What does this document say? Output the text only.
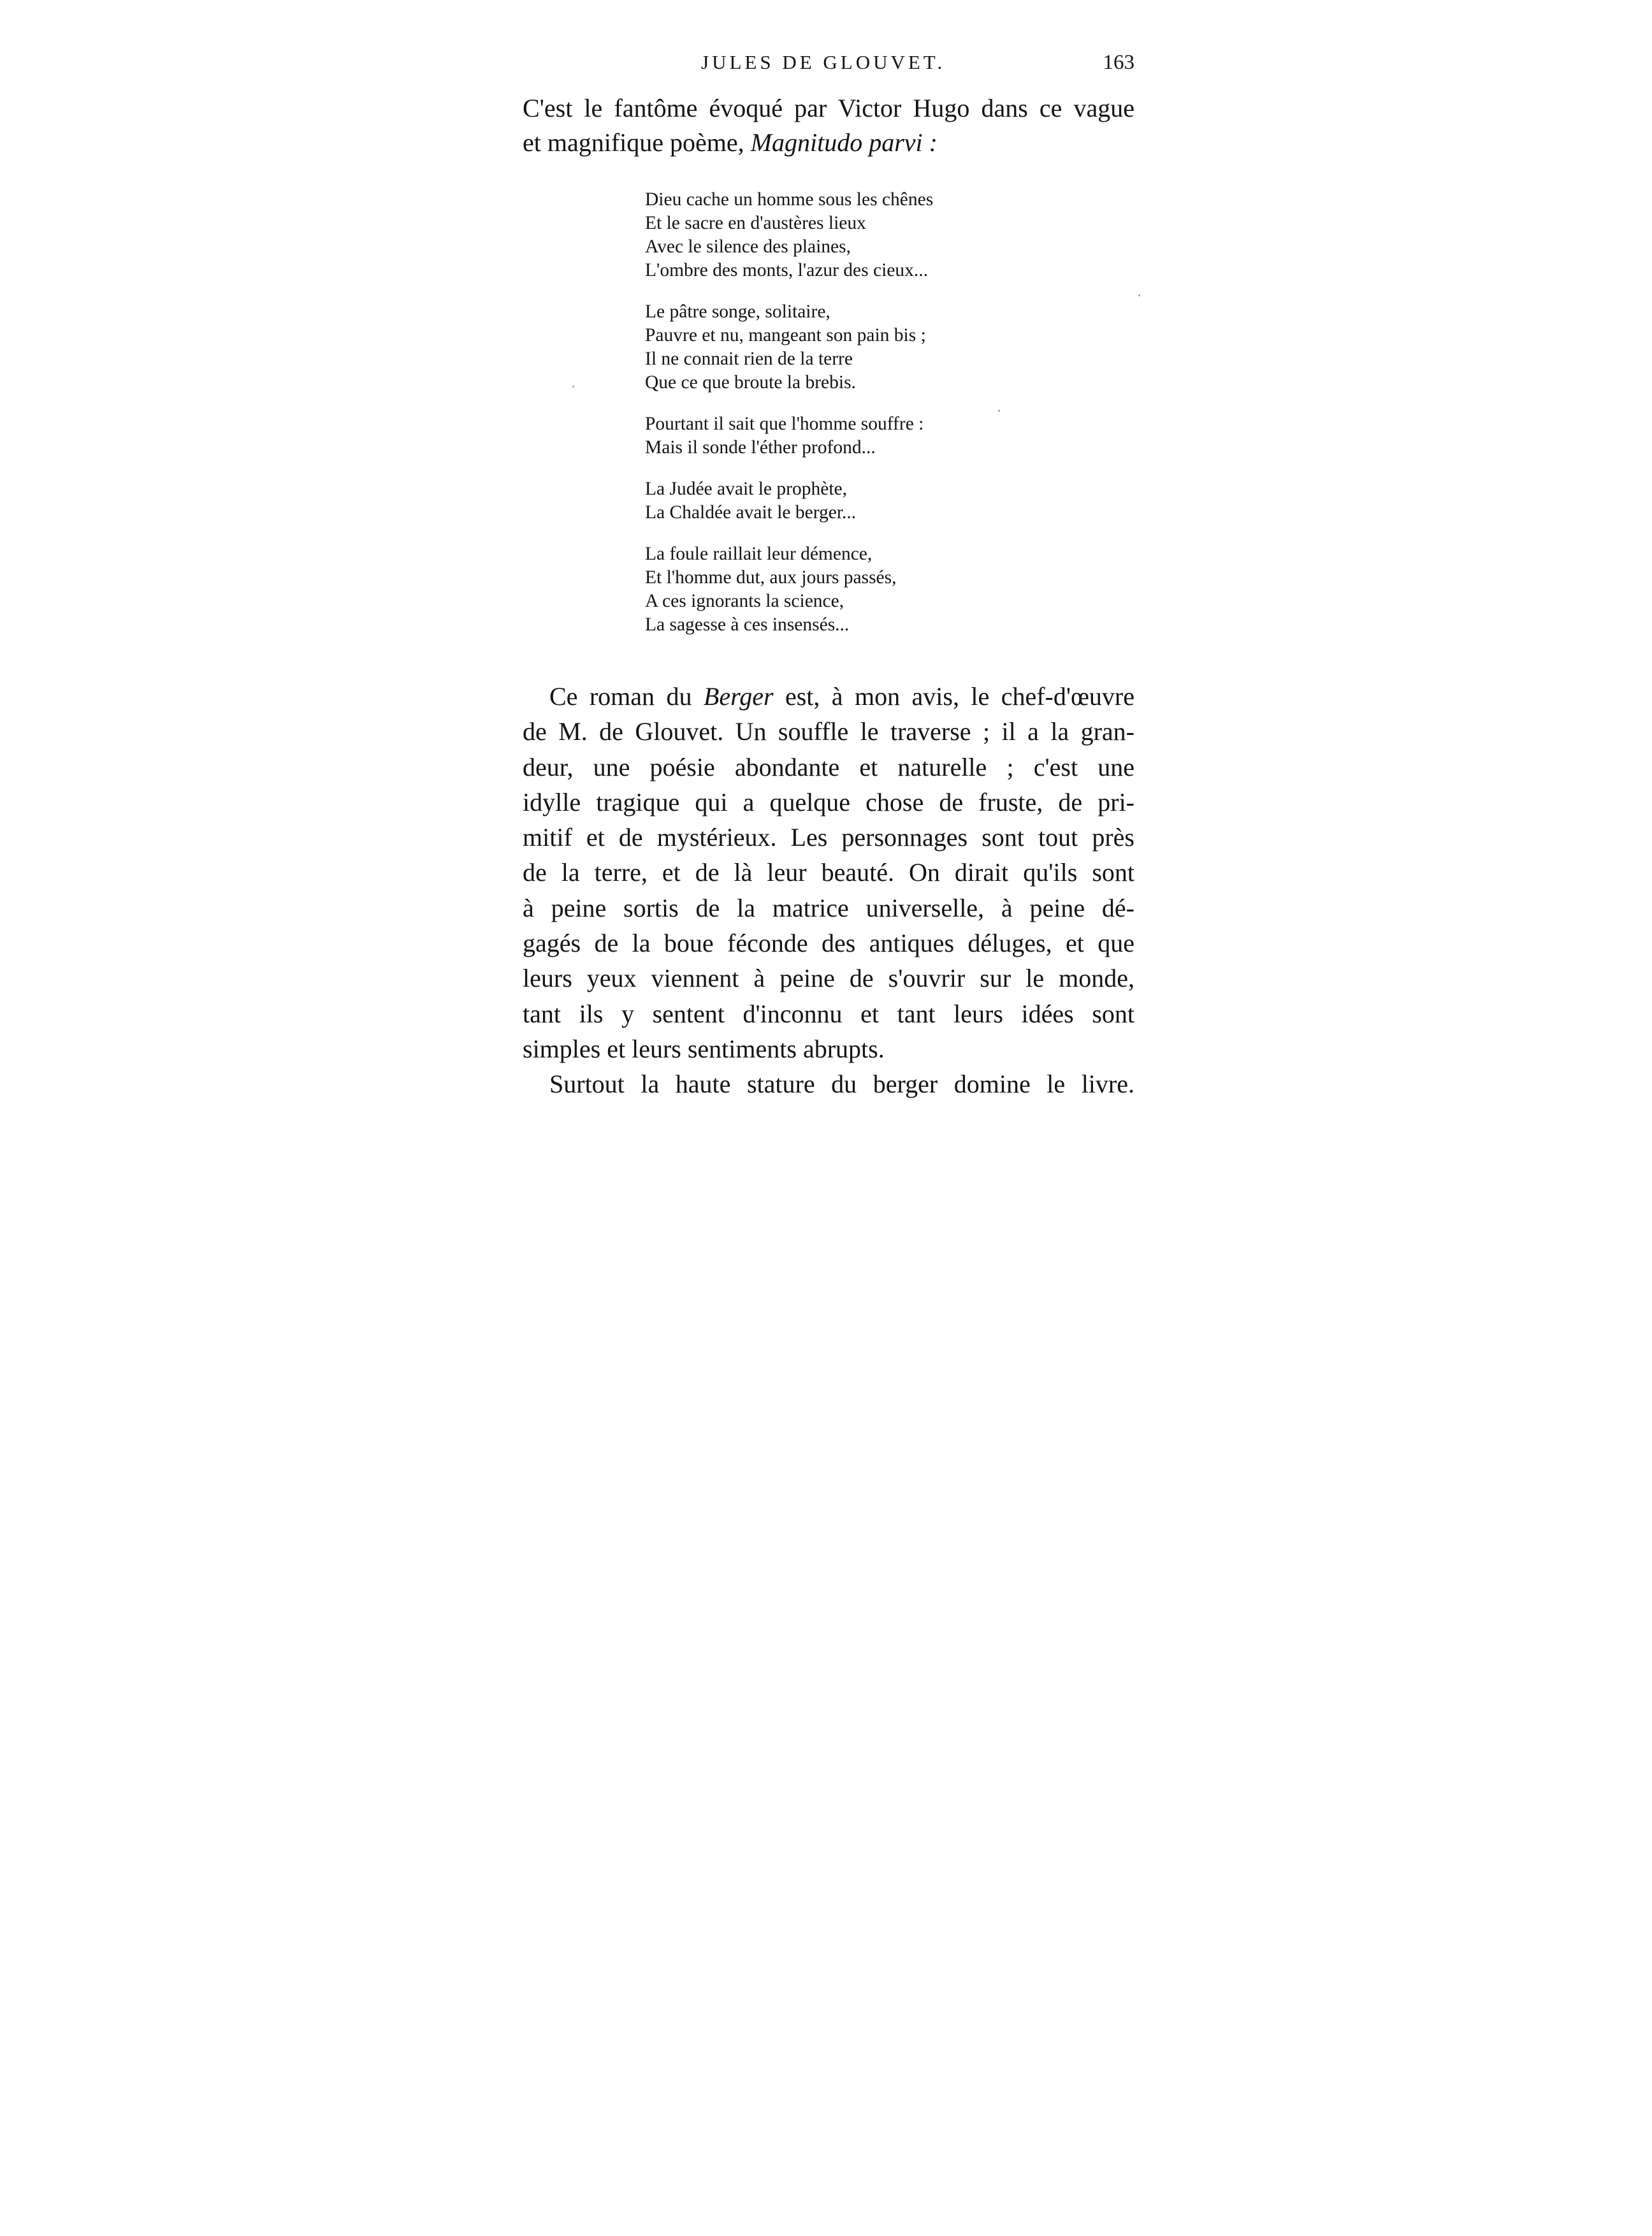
JULES DE GLOUVET.	163
C'est le fantôme évoqué par Victor Hugo dans ce vague
et magnifique poème, Magnitudo parvi :
Dieu cache un homme sous les chênes
Et le sacre en d'austères lieux
Avec le silence des plaines,
L'ombre des monts, l'azur des cieux...
Le pâtre songe, solitaire,
Pauvre et nu, mangeant son pain bis ;
Il ne connait rien de la terre
Que ce que broute la brebis.
Pourtant il sait que l'homme souffre :
Mais il sonde l'éther profond...
La Judée avait le prophète,
La Chaldée avait le berger...
La foule raillait leur démence,
Et l'homme dut, aux jours passés,
A ces ignorants la science,
La sagesse à ces insensés...
Ce roman du Berger est, à mon avis, le chef-d'œuvre
de M. de Glouvet. Un souffle le traverse ; il a la gran-
deur, une poésie abondante et naturelle ; c'est une
idylle tragique qui a quelque chose de fruste, de pri-
mitif et de mystérieux. Les personnages sont tout près
de la terre, et de là leur beauté. On dirait qu'ils sont
à peine sortis de la matrice universelle, à peine dé-
gagés de la boue féconde des antiques déluges, et que
leurs yeux viennent à peine de s'ouvrir sur le monde,
tant ils y sentent d'inconnu et tant leurs idées sont
simples et leurs sentiments abrupts.
Surtout la haute stature du berger domine le livre.
